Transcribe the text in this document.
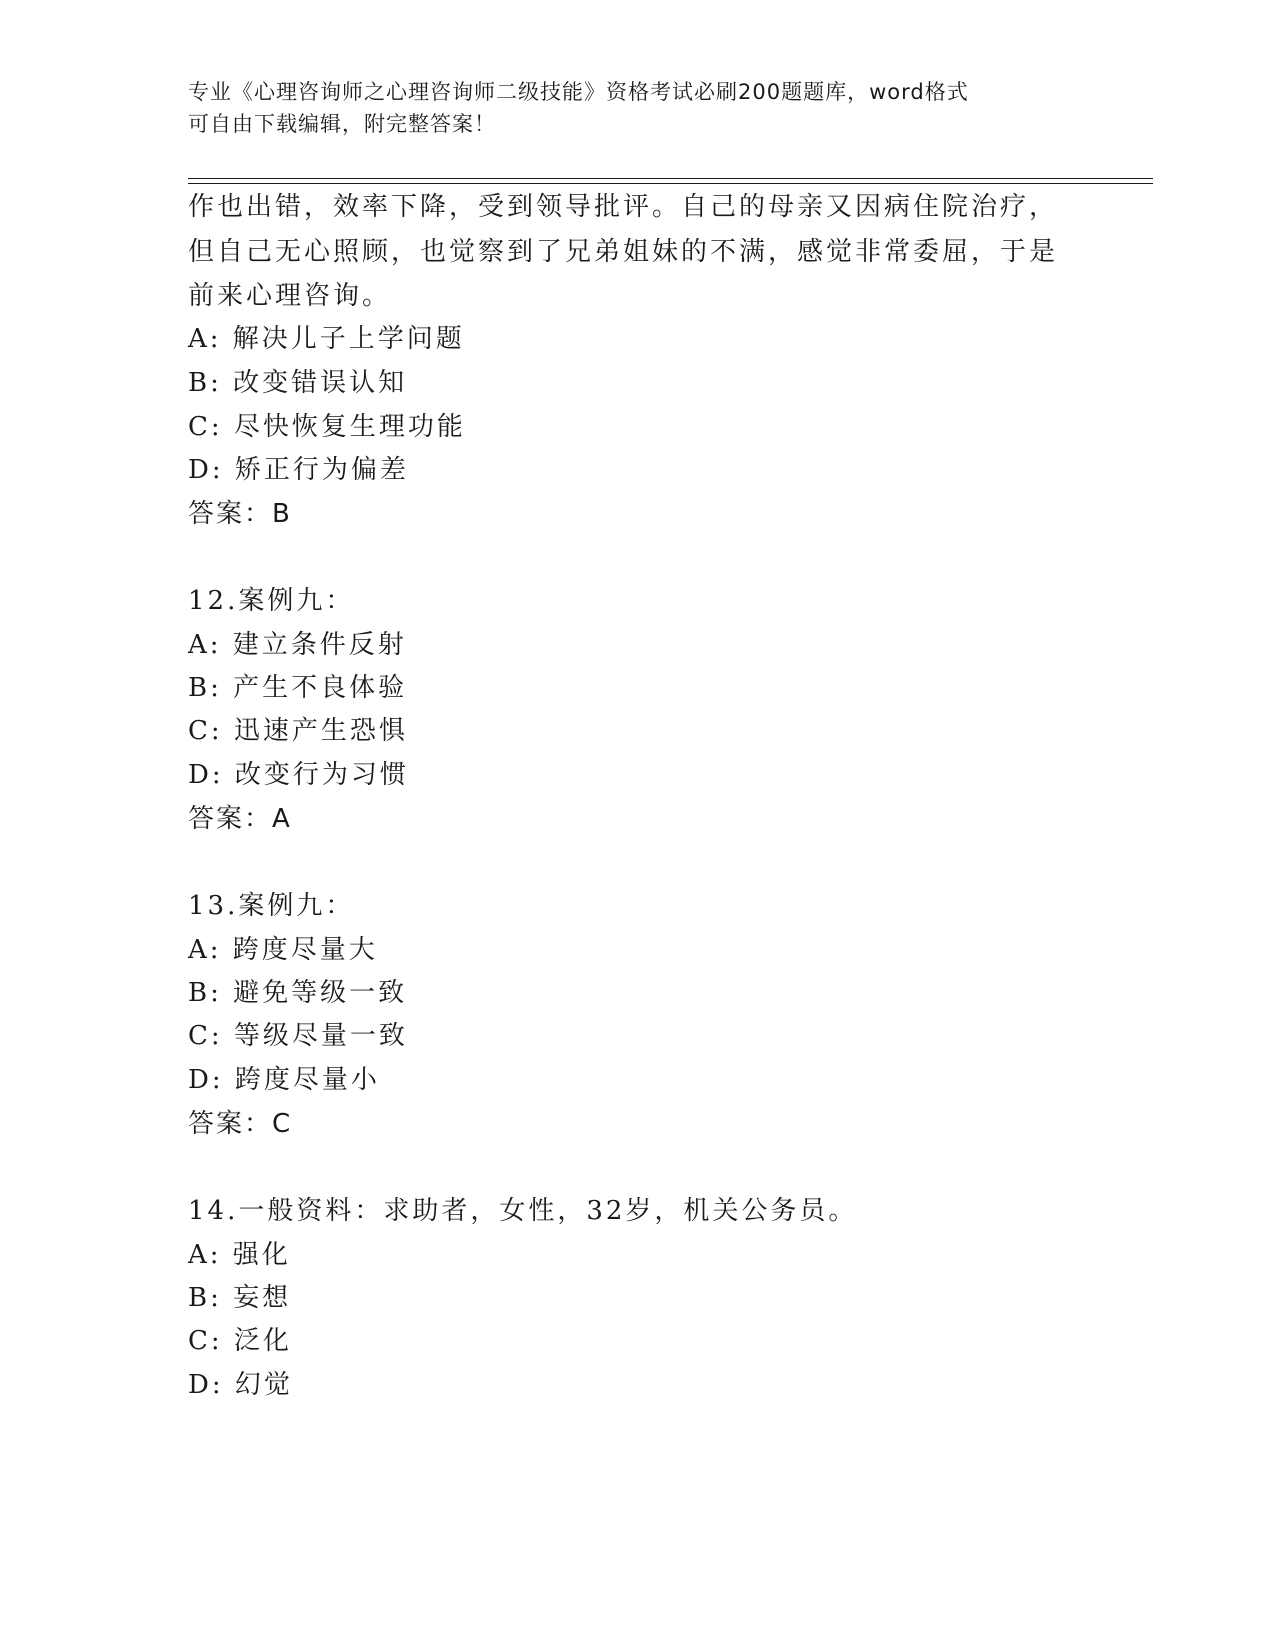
专业《心理咨询师之心理咨询师二级技能》资格考试必刷200题题库，word格式
可自由下载编辑，附完整答案！
作也出错，效率下降，受到领导批评。自己的母亲又因病住院治疗，
但自己无心照顾，也觉察到了兄弟姐妹的不满，感觉非常委屈，于是
前来心理咨询。
A: 解决儿子上学问题
B: 改变错误认知
C: 尽快恢复生理功能
D: 矫正行为偏差
答案：B
12.案例九：
A: 建立条件反射
B: 产生不良体验
C: 迅速产生恐惧
D: 改变行为习惯
答案：A
13.案例九：
A: 跨度尽量大
B: 避免等级一致
C: 等级尽量一致
D: 跨度尽量小
答案：C
14.一般资料：求助者，女性，32岁，机关公务员。
A: 强化
B: 妄想
C: 泛化
D: 幻觉
